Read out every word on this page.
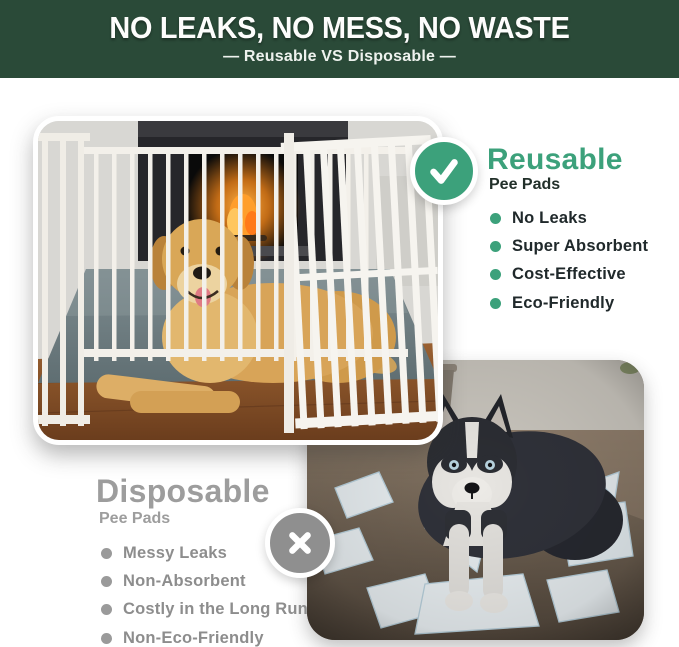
NO LEAKS, NO MESS, NO WASTE
— Reusable VS Disposable —
Reusable
Pee Pads
No Leaks
Super Absorbent
Cost-Effective
Eco-Friendly
Disposable
Pee Pads
Messy Leaks
Non-Absorbent
Costly in the Long Run
Non-Eco-Friendly
